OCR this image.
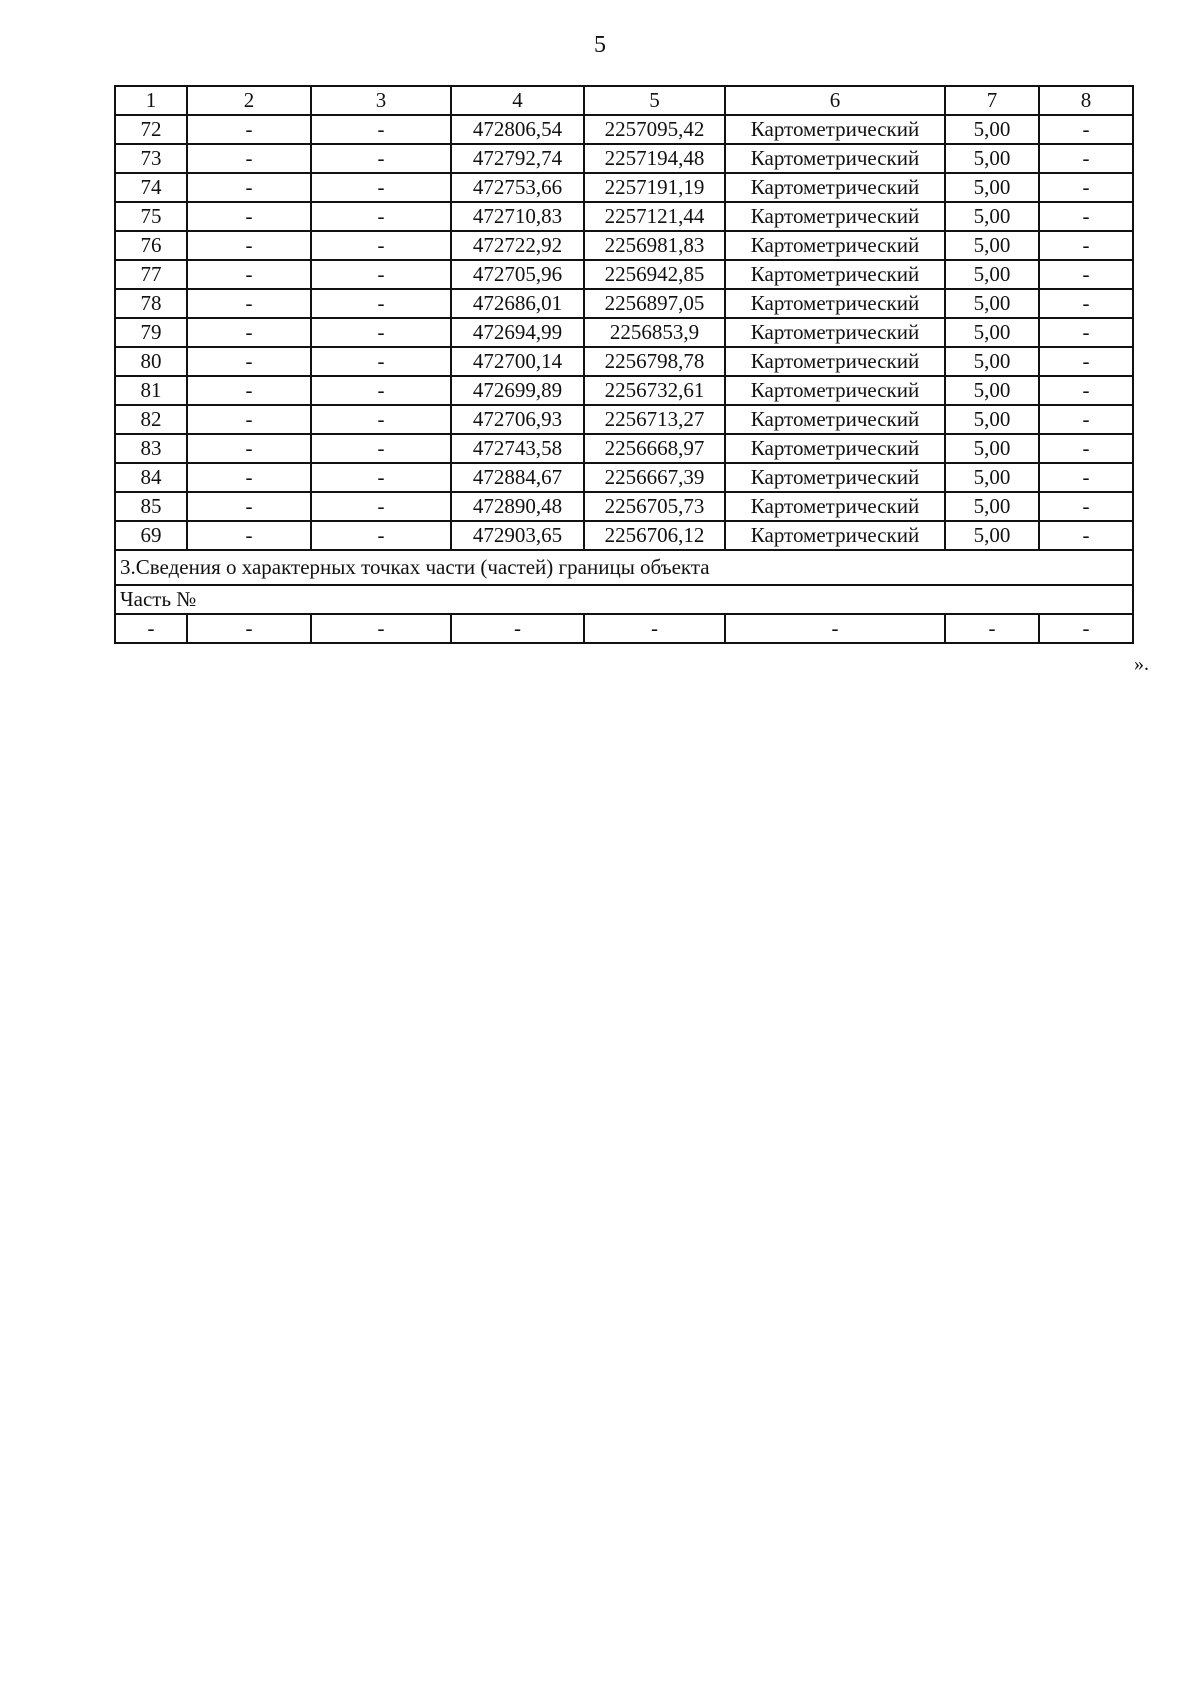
5
1	2	3	4	5	6	7	8
72	-	-	472806,54	2257095,42	Картометрический	5,00	-
73	-	-	472792,74	2257194,48	Картометрический	5,00	-
74	-	-	472753,66	2257191,19	Картометрический	5,00	-
75	-	-	472710,83	2257121,44	Картометрический	5,00	-
76	-	-	472722,92	2256981,83	Картометрический	5,00	-
77	-	-	472705,96	2256942,85	Картометрический	5,00	-
78	-	-	472686,01	2256897,05	Картометрический	5,00	-
79	-	-	472694,99	2256853,9	Картометрический	5,00	-
80	-	-	472700,14	2256798,78	Картометрический	5,00	-
81	-	-	472699,89	2256732,61	Картометрический	5,00	-
82	-	-	472706,93	2256713,27	Картометрический	5,00	-
83	-	-	472743,58	2256668,97	Картометрический	5,00	-
84	-	-	472884,67	2256667,39	Картометрический	5,00	-
85	-	-	472890,48	2256705,73	Картометрический	5,00	-
69	-	-	472903,65	2256706,12	Картометрический	5,00	-
3.Сведения о характерных точках части (частей) границы объекта							
Часть №							
-	-	-	-	-	-	-	-
».
